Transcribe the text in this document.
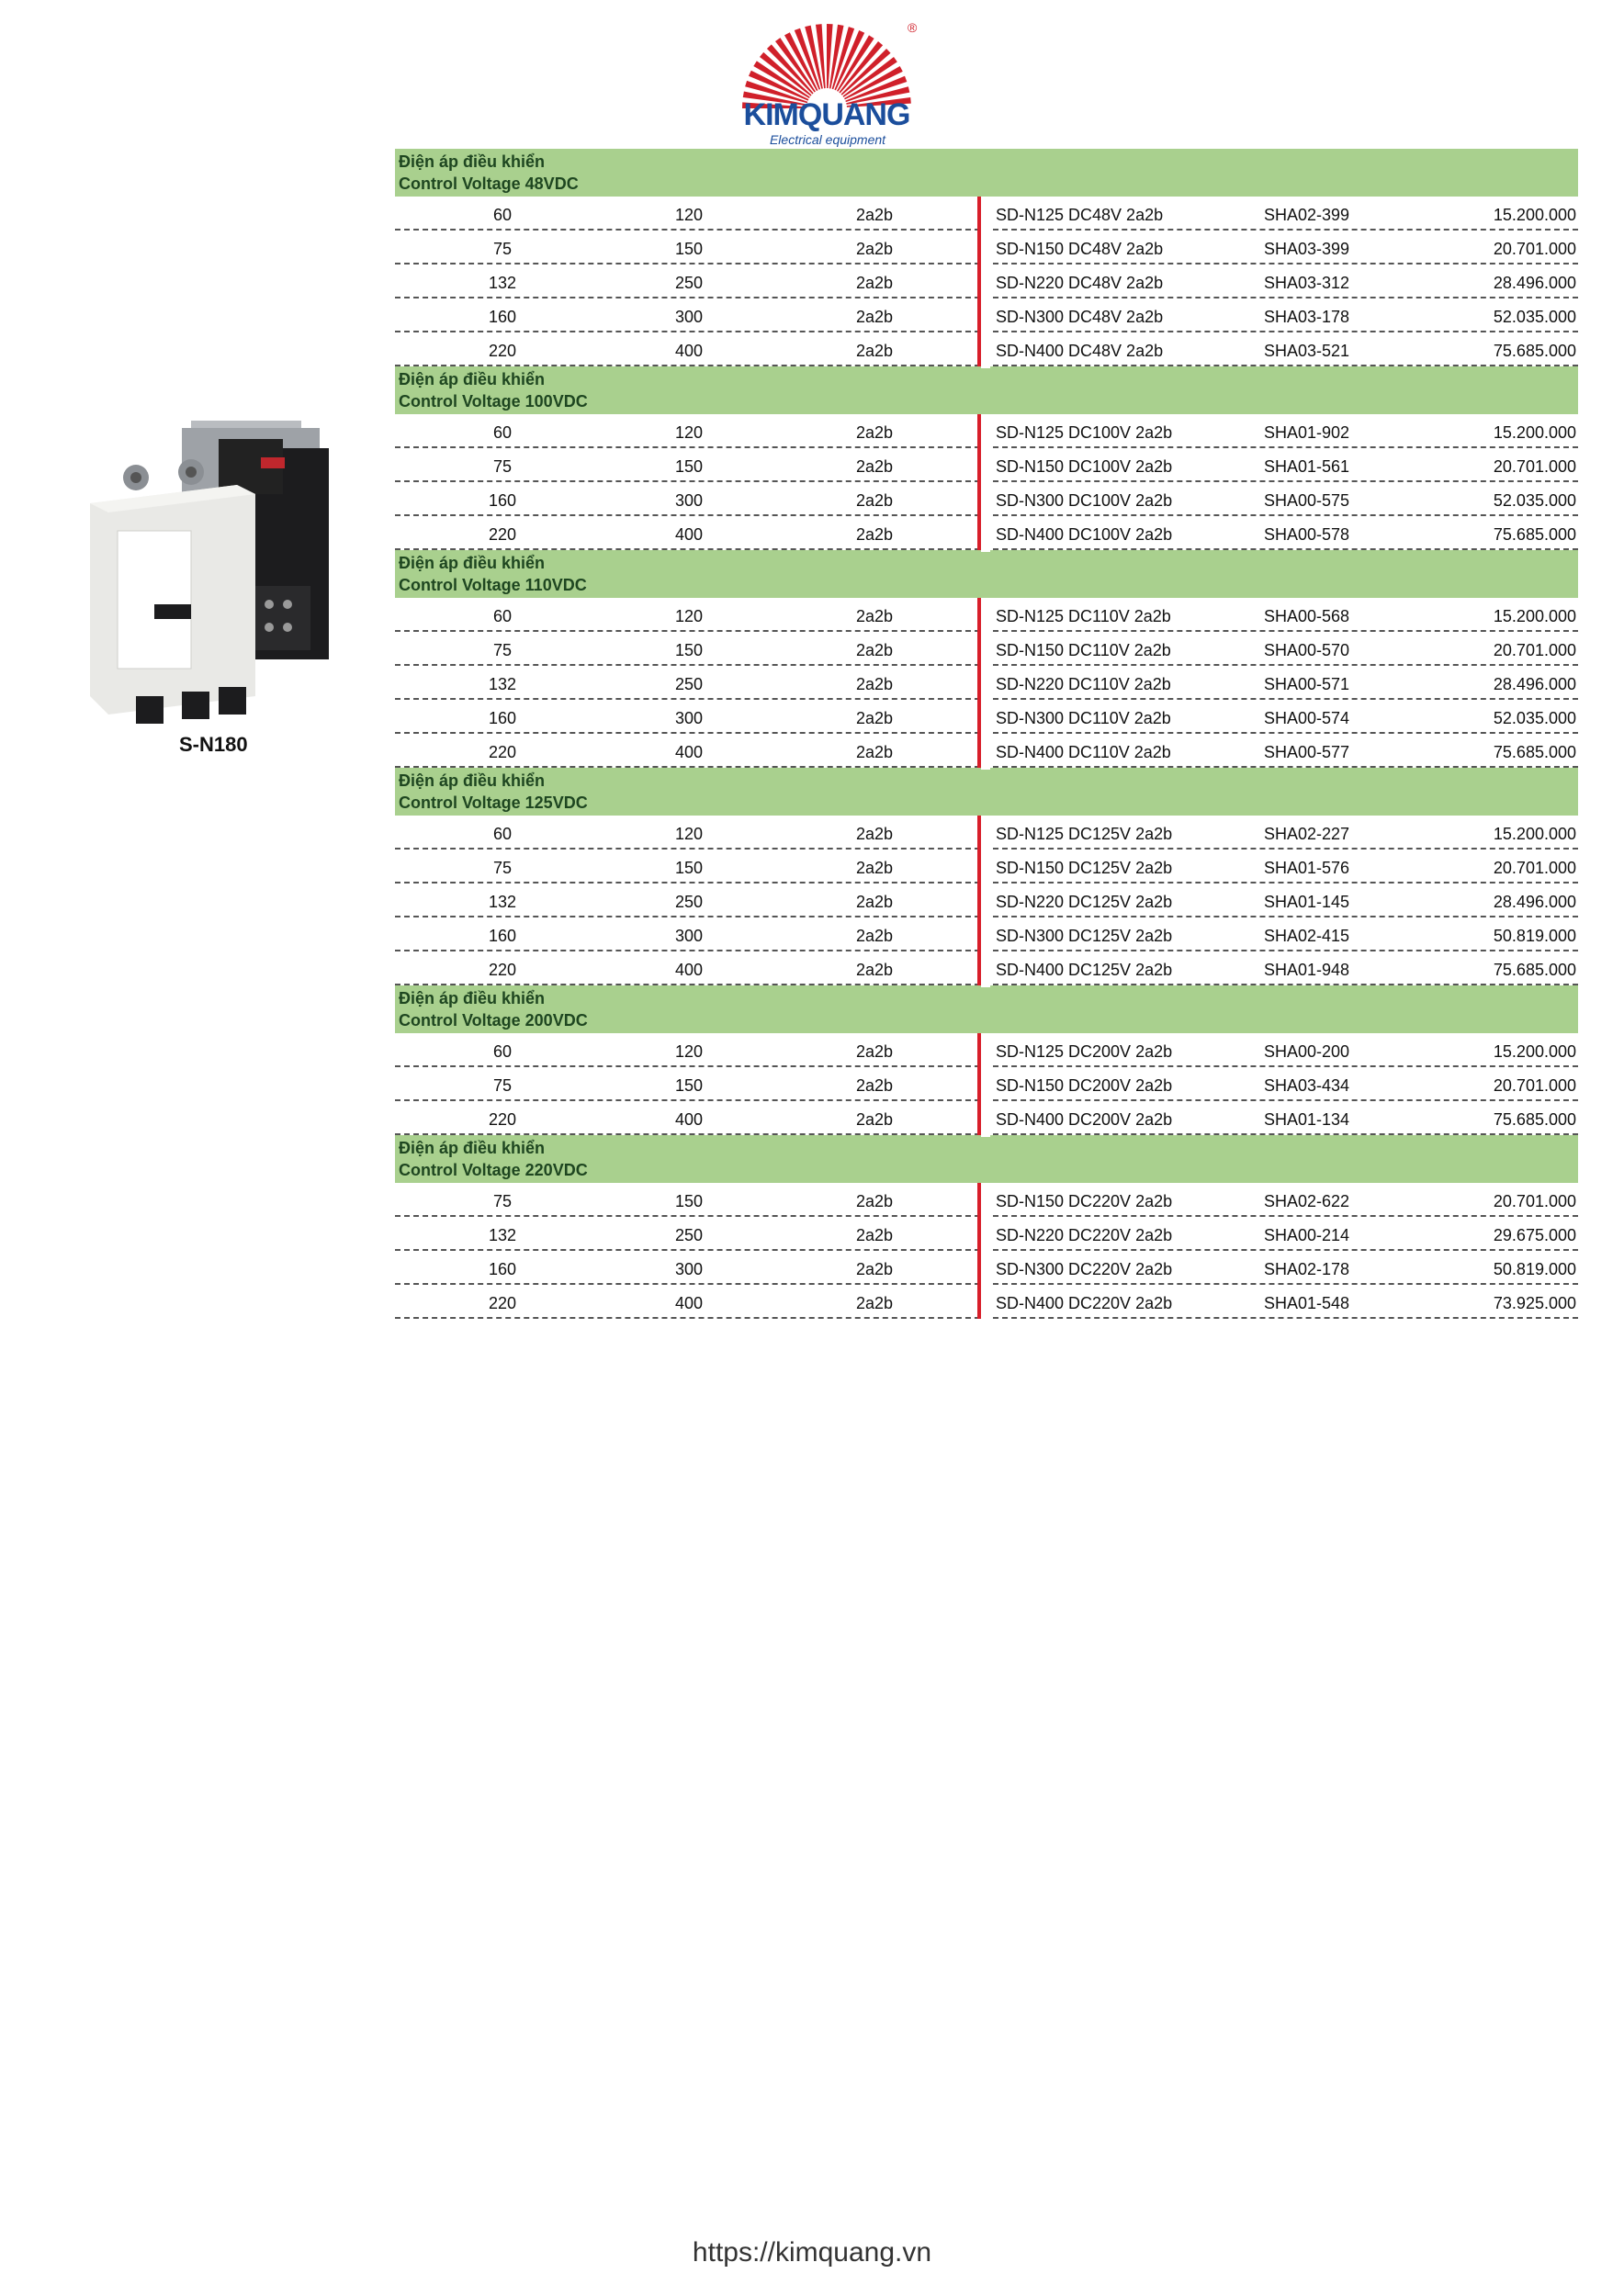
®
KIMQUANG
Electrical equipment
S-N180
Điện áp điều khiển
Control Voltage 48VDC
60	120	2a2b	SD-N125 DC48V 2a2b	SHA02-399	15.200.000
75	150	2a2b	SD-N150 DC48V 2a2b	SHA03-399	20.701.000
132	250	2a2b	SD-N220 DC48V 2a2b	SHA03-312	28.496.000
160	300	2a2b	SD-N300 DC48V 2a2b	SHA03-178	52.035.000
220	400	2a2b	SD-N400 DC48V 2a2b	SHA03-521	75.685.000
Điện áp điều khiển
Control Voltage 100VDC
60	120	2a2b	SD-N125 DC100V 2a2b	SHA01-902	15.200.000
75	150	2a2b	SD-N150 DC100V 2a2b	SHA01-561	20.701.000
160	300	2a2b	SD-N300 DC100V 2a2b	SHA00-575	52.035.000
220	400	2a2b	SD-N400 DC100V 2a2b	SHA00-578	75.685.000
Điện áp điều khiển
Control Voltage 110VDC
60	120	2a2b	SD-N125 DC110V 2a2b	SHA00-568	15.200.000
75	150	2a2b	SD-N150 DC110V 2a2b	SHA00-570	20.701.000
132	250	2a2b	SD-N220 DC110V 2a2b	SHA00-571	28.496.000
160	300	2a2b	SD-N300 DC110V 2a2b	SHA00-574	52.035.000
220	400	2a2b	SD-N400 DC110V 2a2b	SHA00-577	75.685.000
Điện áp điều khiển
Control Voltage 125VDC
60	120	2a2b	SD-N125 DC125V 2a2b	SHA02-227	15.200.000
75	150	2a2b	SD-N150 DC125V 2a2b	SHA01-576	20.701.000
132	250	2a2b	SD-N220 DC125V 2a2b	SHA01-145	28.496.000
160	300	2a2b	SD-N300 DC125V 2a2b	SHA02-415	50.819.000
220	400	2a2b	SD-N400 DC125V 2a2b	SHA01-948	75.685.000
Điện áp điều khiển
Control Voltage 200VDC
60	120	2a2b	SD-N125 DC200V 2a2b	SHA00-200	15.200.000
75	150	2a2b	SD-N150 DC200V 2a2b	SHA03-434	20.701.000
220	400	2a2b	SD-N400 DC200V 2a2b	SHA01-134	75.685.000
Điện áp điều khiển
Control Voltage 220VDC
75	150	2a2b	SD-N150 DC220V 2a2b	SHA02-622	20.701.000
132	250	2a2b	SD-N220 DC220V 2a2b	SHA00-214	29.675.000
160	300	2a2b	SD-N300 DC220V 2a2b	SHA02-178	50.819.000
220	400	2a2b	SD-N400 DC220V 2a2b	SHA01-548	73.925.000
https://kimquang.vn
